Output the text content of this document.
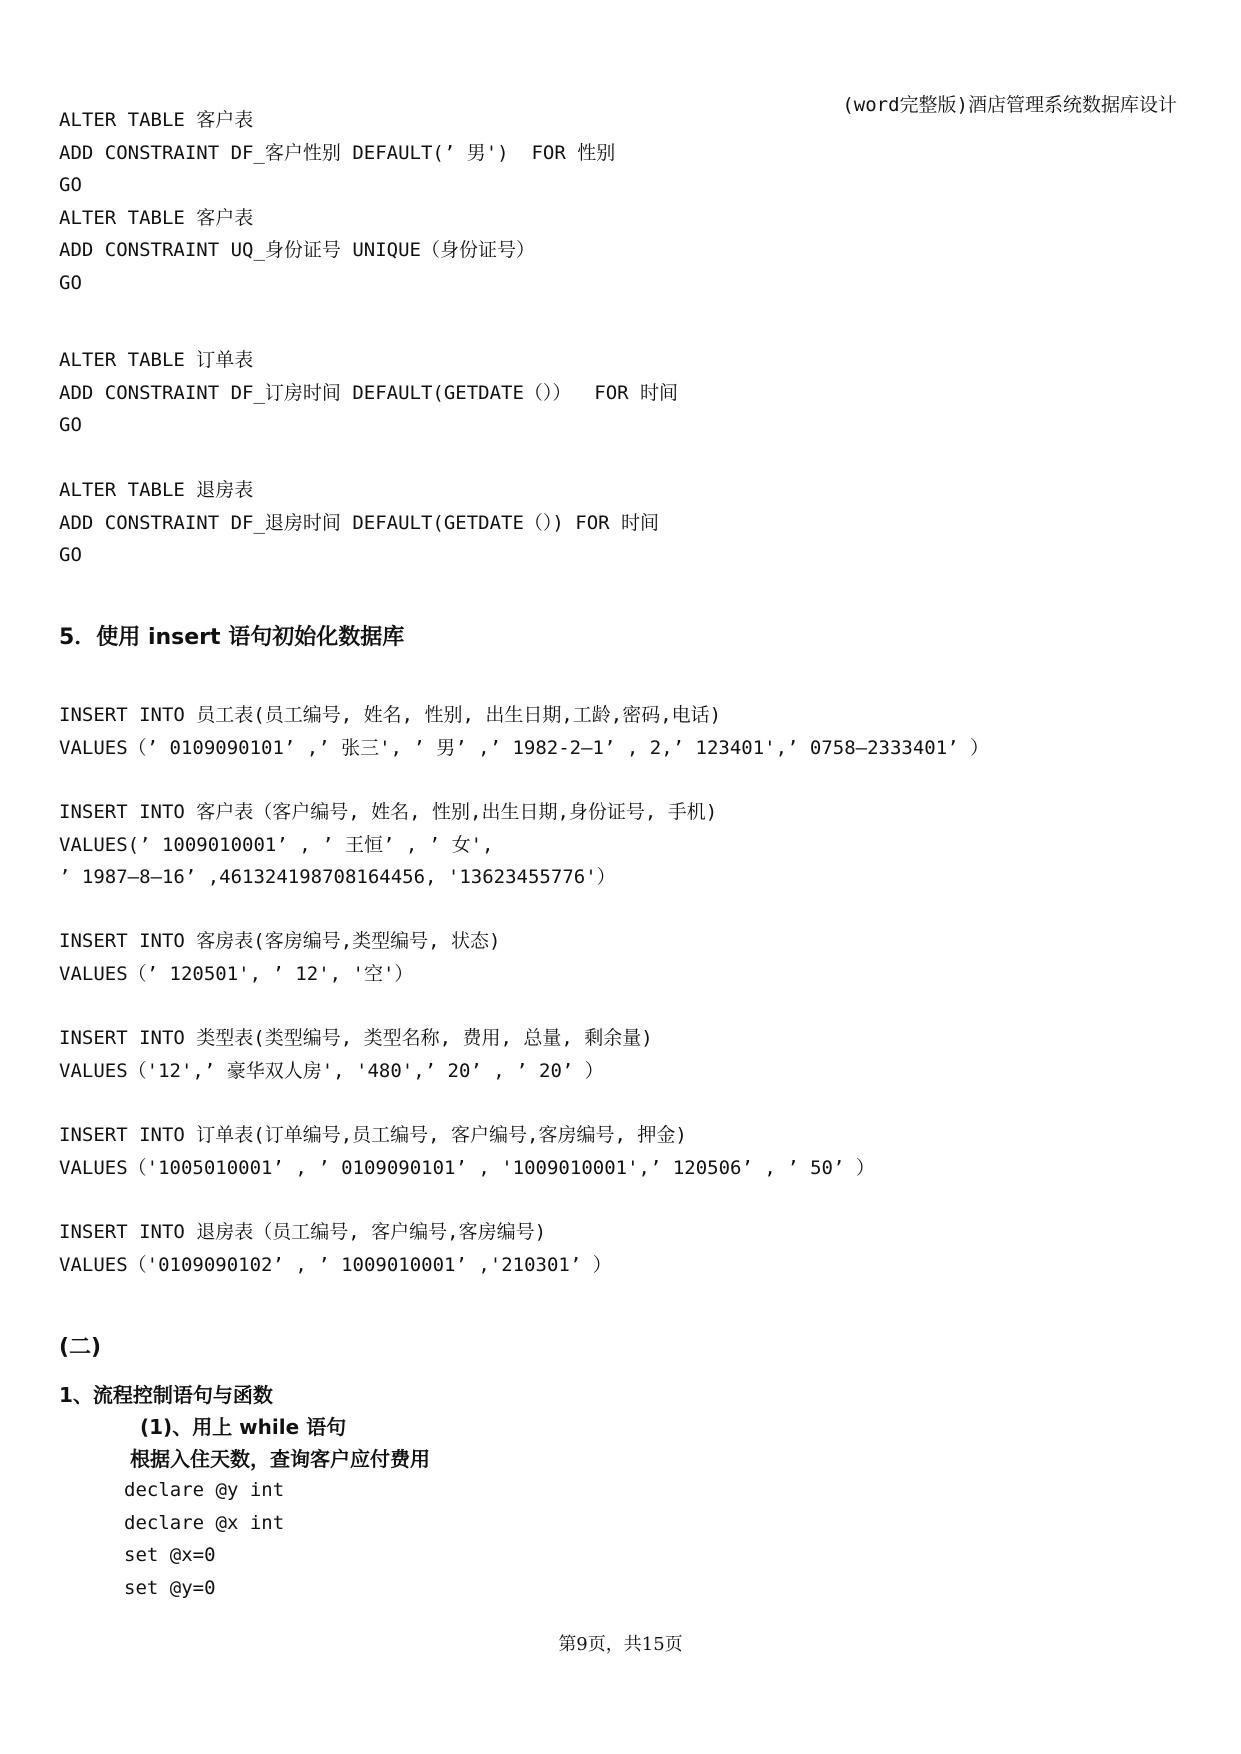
(word完整版)酒店管理系统数据库设计
ALTER TABLE 客户表
ADD CONSTRAINT DF_客户性别 DEFAULT(’ 男')  FOR 性别
GO
ALTER TABLE 客户表
ADD CONSTRAINT UQ_身份证号 UNIQUE（身份证号）
GO
ALTER TABLE 订单表
ADD CONSTRAINT DF_订房时间 DEFAULT(GETDATE（））  FOR 时间
GO
ALTER TABLE 退房表
ADD CONSTRAINT DF_退房时间 DEFAULT(GETDATE（）) FOR 时间
GO
5．使用 insert 语句初始化数据库
INSERT INTO 员工表(员工编号, 姓名, 性别, 出生日期,工龄,密码,电话)
VALUES（’ 0109090101’ ,’ 张三', ’ 男’ ,’ 1982-2—1’ , 2,’ 123401',’ 0758—2333401’ ）
INSERT INTO 客户表（客户编号, 姓名, 性别,出生日期,身份证号, 手机)
VALUES(’ 1009010001’ , ’ 王恒’ , ’ 女',
’ 1987—8—16’ ,461324198708164456, '13623455776'）
INSERT INTO 客房表(客房编号,类型编号, 状态)
VALUES（’ 120501', ’ 12', '空'）
INSERT INTO 类型表(类型编号, 类型名称, 费用, 总量, 剩余量)
VALUES（'12',’ 豪华双人房', '480',’ 20’ , ’ 20’ ）
INSERT INTO 订单表(订单编号,员工编号, 客户编号,客房编号, 押金)
VALUES（'1005010001’ , ’ 0109090101’ , '1009010001',’ 120506’ , ’ 50’ ）
INSERT INTO 退房表（员工编号, 客户编号,客房编号)
VALUES（'0109090102’ , ’ 1009010001’ ,'210301’ ）
(二)
1、流程控制语句与函数
(1)、用上 while 语句
根据入住天数，查询客户应付费用
declare @y int
declare @x int
set @x=0
set @y=0
第9页，共15页
